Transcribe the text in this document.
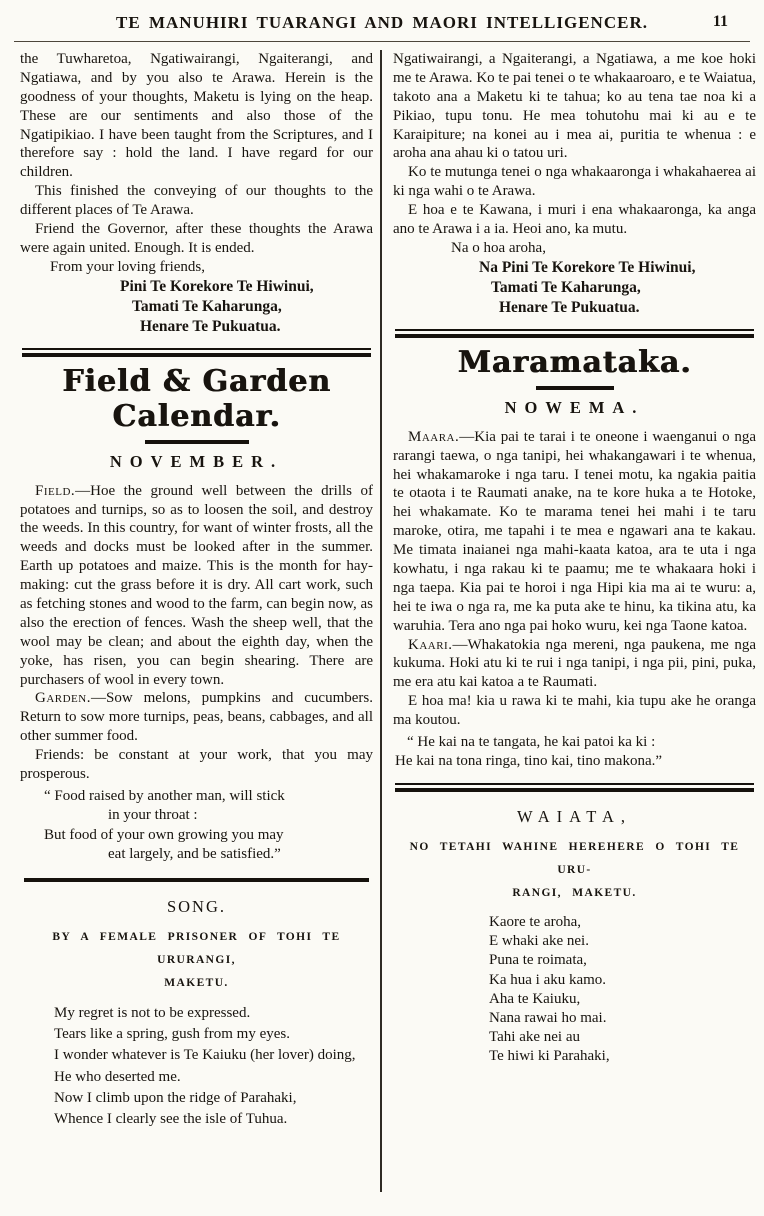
TE MANUHIRI TUARANGI AND MAORI INTELLIGENCER.	11

the Tuwharetoa, Ngatiwairangi, Ngaiterangi, and Ngatiawa, and by you also te Arawa. Herein is the goodness of your thoughts, Maketu is lying on the heap. These are our sentiments and also those of the Ngatipikiao. I have been taught from the Scriptures, and I therefore say : hold the land. I have regard for our children.

This finished the conveying of our thoughts to the different places of Te Arawa.

Friend the Governor, after these thoughts the Arawa were again united. Enough. It is ended.

From your loving friends,
Pini Te Korekore Te Hiwinui,
Tamati Te Kaharunga,
Henare Te Pukuatua.
Field & Garden Calendar.
NOVEMBER.

Field.—Hoe the ground well between the drills of potatoes and turnips, so as to loosen the soil, and destroy the weeds. In this country, for want of winter frosts, all the weeds and docks must be looked after in the summer. Earth up potatoes and maize. This is the month for hay-making: cut the grass before it is dry. All cart work, such as fetching stones and wood to the farm, can begin now, as also the erection of fences. Wash the sheep well, that the wool may be clean; and about the eighth day, when the yoke, has risen, you can begin shearing. There are purchasers of wool in every town.

Garden.—Sow melons, pumpkins and cucumbers. Return to sow more turnips, peas, beans, cabbages, and all other summer food.

Friends: be constant at your work, that you may prosperous.

“ Food raised by another man, will stick
in your throat :
But food of your own growing you may
eat largely, and be satisfied.”
SONG.
BY A FEMALE PRISONER OF TOHI TE URURANGI,
MAKETU.
My regret is not to be expressed.
Tears like a spring, gush from my eyes.
I wonder whatever is Te Kaiuku (her lover) doing,
He who deserted me.
Now I climb upon the ridge of Parahaki,
Whence I clearly see the isle of Tuhua.

Ngatiwairangi, a Ngaiterangi, a Ngatiawa, a me koe hoki me te Arawa. Ko te pai tenei o te whakaaroaro, e te Waiatua, takoto ana a Maketu ki te tahua; ko au tena tae noa ki a Pikiao, tupu tonu. He mea tohutohu mai ki au e te Karaipiture; na konei au i mea ai, puritia te whenua : e aroha ana ahau ki o tatou uri.

Ko te mutunga tenei o nga whakaaronga i whakahaerea ai ki nga wahi o te Arawa.

E hoa e te Kawana, i muri i ena whakaaronga, ka anga ano te Arawa i a ia. Heoi ano, ka mutu.

Na o hoa aroha,
Na Pini Te Korekore Te Hiwinui,
Tamati Te Kaharunga,
Henare Te Pukuatua.
Maramataka.
NOWEMA.

Maara.—Kia pai te tarai i te oneone i waenganui o nga rarangi taewa, o nga tanipi, hei whakangawari i te whenua, hei whakamaroke i nga taru. I tenei motu, ka ngakia paitia te otaota i te Raumati anake, na te kore huka a te Hotoke, hei whakamate. Ko te marama tenei hei mahi i te taru maroke, otira, me tapahi i te mea e ngawari ana te kakau. Me timata inaianei nga mahi-kaata katoa, ara te uta i nga kowhatu, i nga rakau ki te paamu; me te whakaara hoki i nga taepa. Kia pai te horoi i nga Hipi kia ma ai te wuru: a, hei te iwa o nga ra, me ka puta ake te hinu, ka tikina atu, ka waruhia. Tera ano nga pai hoko wuru, kei nga Taone katoa.

Kaari.—Whakatokia nga mereni, nga paukena, me nga kukuma. Hoki atu ki te rui i nga tanipi, i nga pii, pini, puka, me era atu kai katoa a te Raumati.

E hoa ma! kia u rawa ki te mahi, kia tupu ake he oranga ma koutou.

“ He kai na te tangata, he kai patoi ka ki :
He kai na tona ringa, tino kai, tino makona.”
WAIATA,
NO TETAHI WAHINE HEREHERE O TOHI TE URU-
RANGI, MAKETU.
Kaore te aroha,
E whaki ake nei.
Puna te roimata,
Ka hua i aku kamo.
Aha te Kaiuku,
Nana rawai ho mai.
Tahi ake nei au
Te hiwi ki Parahaki,
